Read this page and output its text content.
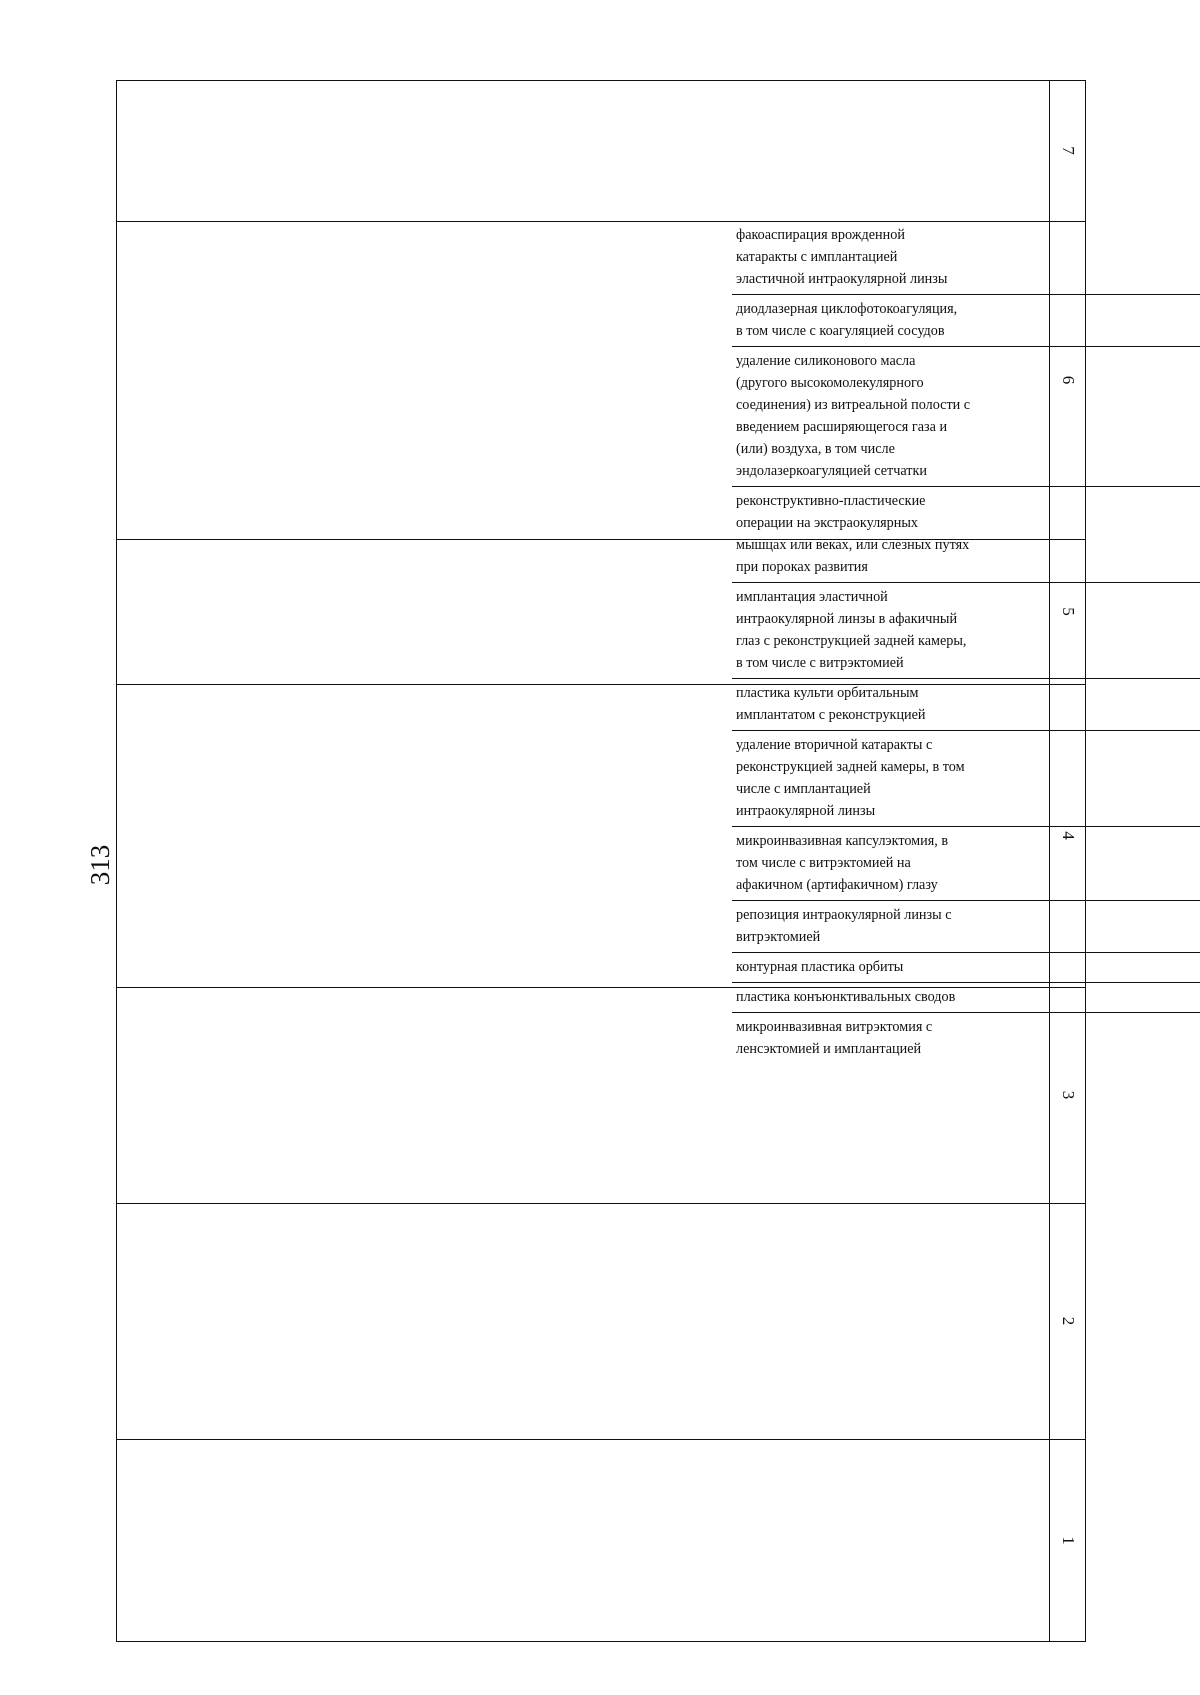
313
7
6
5
4
3
2
1
факоаспирация врожденной
катаракты с имплантацией
эластичной интраокулярной линзы
диодлазерная циклофотокоагуляция,
в том числе с коагуляцией сосудов
удаление силиконового масла
(другого высокомолекулярного
соединения) из витреальной полости с
введением расширяющегося газа и
(или) воздуха, в том числе
эндолазеркоагуляцией сетчатки
реконструктивно-пластические
операции на экстраокулярных
мышцах или веках, или слезных путях
при пороках развития
имплантация эластичной
интраокулярной линзы в афакичный
глаз с реконструкцией задней камеры,
в том числе с витрэктомией
пластика культи орбитальным
имплантатом с реконструкцией
удаление вторичной катаракты с
реконструкцией задней камеры, в том
числе с имплантацией
интраокулярной линзы
микроинвазивная капсулэктомия, в
том числе с витрэктомией на
афакичном (артифакичном) глазу
репозиция интраокулярной линзы с
витрэктомией
контурная пластика орбиты
пластика конъюнктивальных сводов
микроинвазивная витрэктомия с
ленсэктомией и имплантацией
